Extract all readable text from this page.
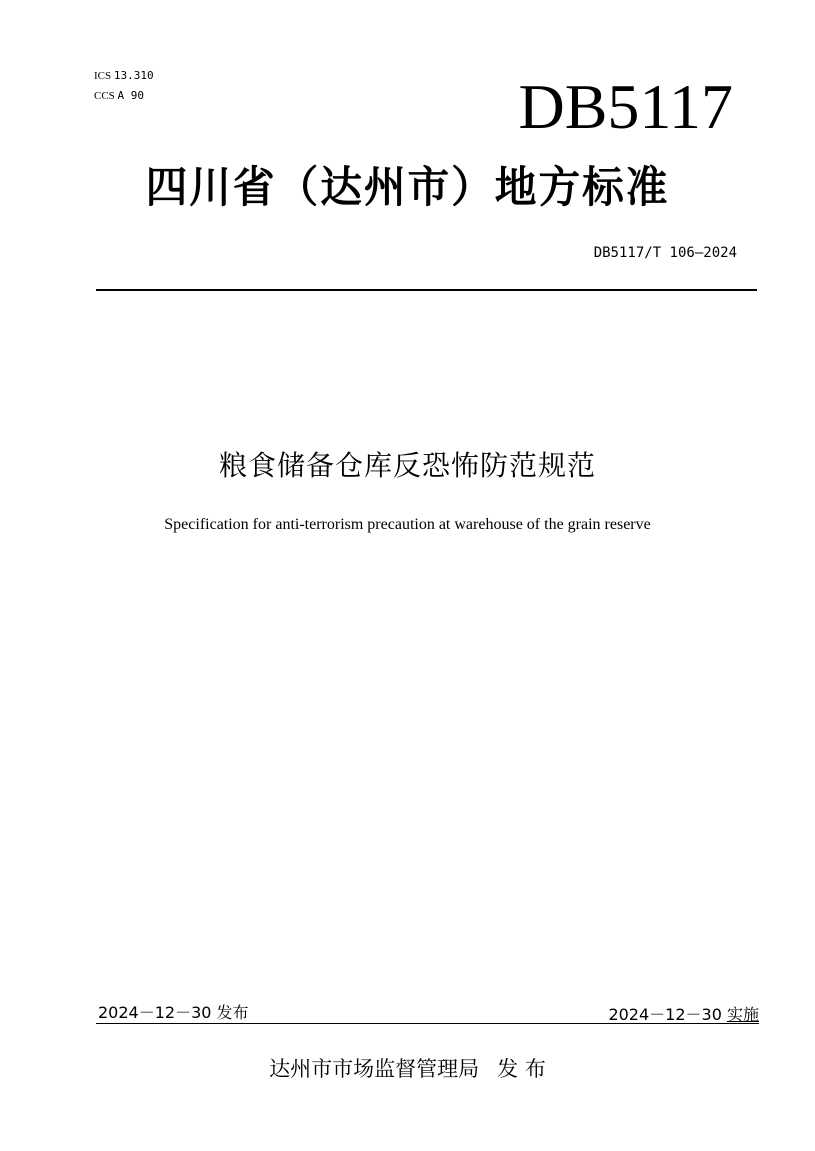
ICS 13.310
CCS A 90	DB5117
四川省（达州市）地方标准
DB5117/T 106—2024
粮食储备仓库反恐怖防范规范
Specification for anti-terrorism precaution at warehouse of the grain reserve
2024－12－30 发布	2024－12－30 实施
达州市市场监督管理局 发 布
